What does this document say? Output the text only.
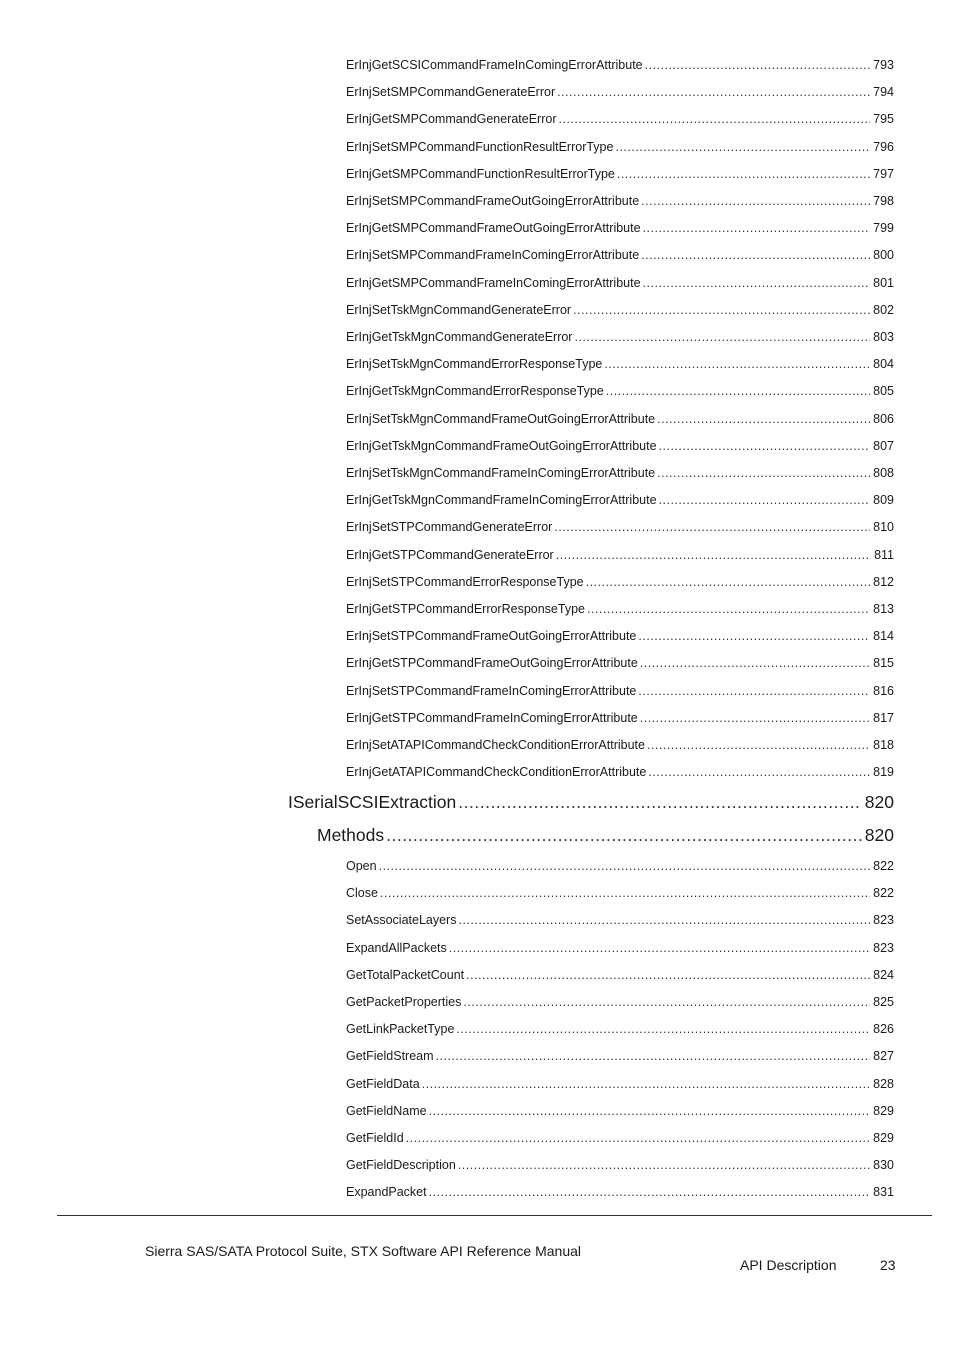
ErInjGetSCSICommandFrameInComingErrorAttribute .....	793
ErInjSetSMPCommandGenerateError .....	794
ErInjGetSMPCommandGenerateError .....	795
ErInjSetSMPCommandFunctionResultErrorType .....	796
ErInjGetSMPCommandFunctionResultErrorType .....	797
ErInjSetSMPCommandFrameOutGoingErrorAttribute .....	798
ErInjGetSMPCommandFrameOutGoingErrorAttribute .....	799
ErInjSetSMPCommandFrameInComingErrorAttribute .....	800
ErInjGetSMPCommandFrameInComingErrorAttribute .....	801
ErInjSetTskMgnCommandGenerateError .....	802
ErInjGetTskMgnCommandGenerateError .....	803
ErInjSetTskMgnCommandErrorResponseType .....	804
ErInjGetTskMgnCommandErrorResponseType .....	805
ErInjSetTskMgnCommandFrameOutGoingErrorAttribute .....	806
ErInjGetTskMgnCommandFrameOutGoingErrorAttribute .....	807
ErInjSetTskMgnCommandFrameInComingErrorAttribute .....	808
ErInjGetTskMgnCommandFrameInComingErrorAttribute .....	809
ErInjSetSTPCommandGenerateError .....	810
ErInjGetSTPCommandGenerateError .....	811
ErInjSetSTPCommandErrorResponseType .....	812
ErInjGetSTPCommandErrorResponseType .....	813
ErInjSetSTPCommandFrameOutGoingErrorAttribute .....	814
ErInjGetSTPCommandFrameOutGoingErrorAttribute .....	815
ErInjSetSTPCommandFrameInComingErrorAttribute .....	816
ErInjGetSTPCommandFrameInComingErrorAttribute .....	817
ErInjSetATAPICommandCheckConditionErrorAttribute .....	818
ErInjGetATAPICommandCheckConditionErrorAttribute .....	819
ISerialSCSIExtraction .....	820
Methods .....	820
Open .....	822
Close .....	822
SetAssociateLayers .....	823
ExpandAllPackets .....	823
GetTotalPacketCount .....	824
GetPacketProperties .....	825
GetLinkPacketType .....	826
GetFieldStream .....	827
GetFieldData .....	828
GetFieldName .....	829
GetFieldId .....	829
GetFieldDescription .....	830
ExpandPacket .....	831
Sierra SAS/SATA Protocol Suite, STX Software API Reference Manual
API Description	23
